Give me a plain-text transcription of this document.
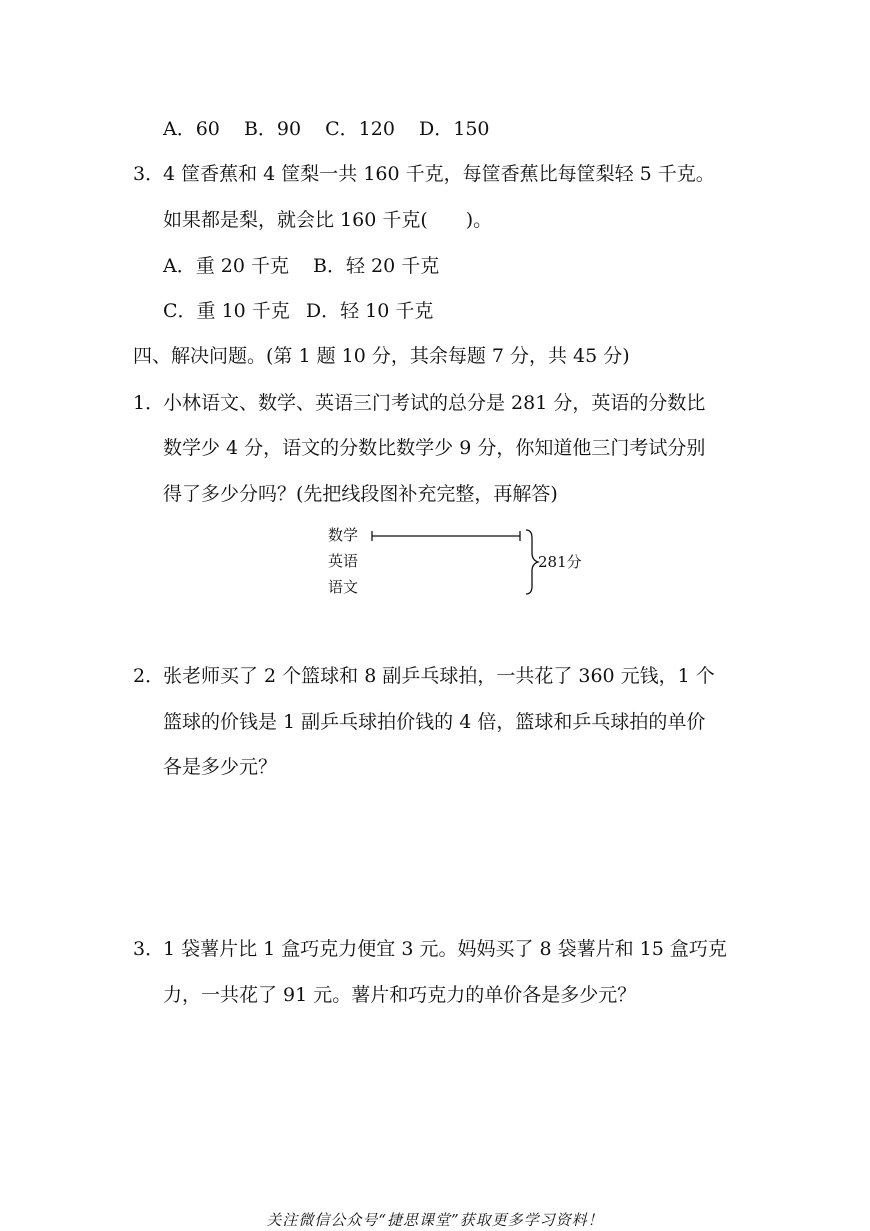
A．60 B．90 C．120 D．150
3．
4 筐香蕉和 4 筐梨一共 160 千克，每筐香蕉比每筐梨轻 5 千克。
如果都是梨，就会比 160 千克(　　)。
A．重 20 千克 B．轻 20 千克
C．重 10 千克 D．轻 10 千克
四、解决问题。(第 1 题 10 分，其余每题 7 分，共 45 分)
1．
小林语文、数学、英语三门考试的总分是 281 分，英语的分数比
数学少 4 分，语文的分数比数学少 9 分，你知道他三门考试分别
得了多少分吗？(先把线段图补充完整，再解答)
数学
英语
语文
281分
2．
张老师买了 2 个篮球和 8 副乒乓球拍，一共花了 360 元钱，1 个
篮球的价钱是 1 副乒乓球拍价钱的 4 倍，篮球和乒乓球拍的单价
各是多少元？
3．
1 袋薯片比 1 盒巧克力便宜 3 元。妈妈买了 8 袋薯片和 15 盒巧克
力，一共花了 91 元。薯片和巧克力的单价各是多少元？
关注微信公众号“捷思课堂”获取更多学习资料！
